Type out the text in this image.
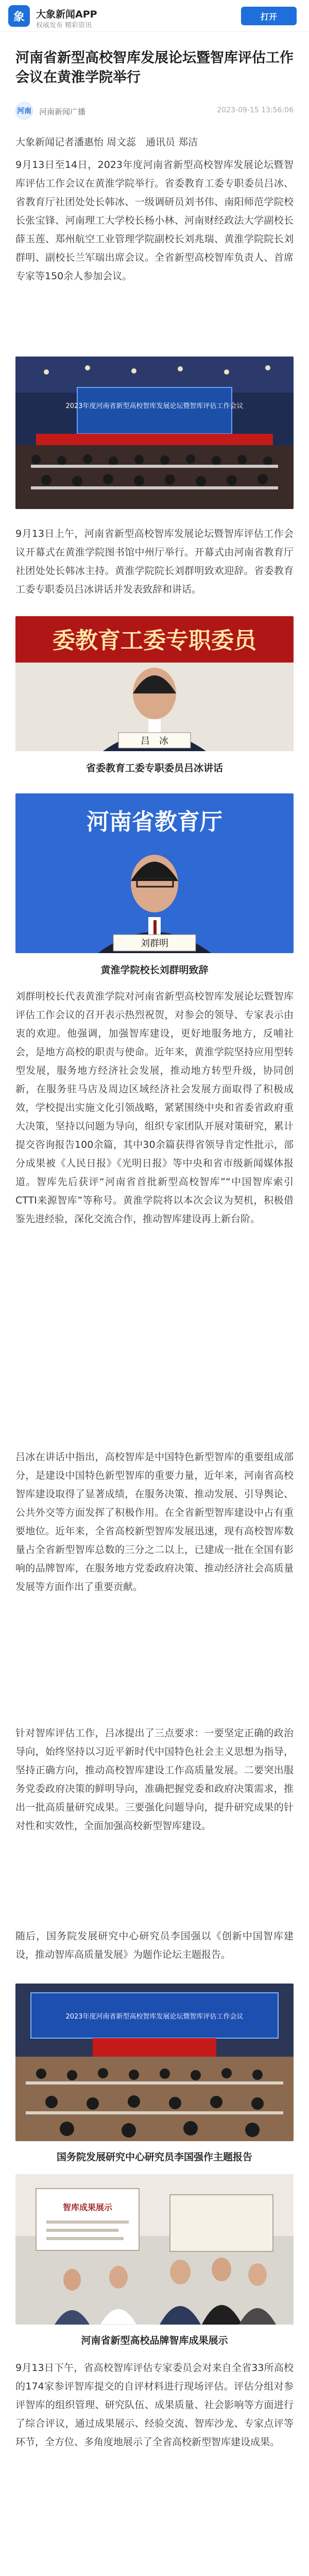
象	大象新闻APP
权威发布 精彩资讯
打开
河南省新型高校智库发展论坛暨智库评估工作会议在黄淮学院举行
河南 河南新闻广播	2023-09-15 13:56:06

大象新闻记者潘惠怡 周文蕊　通讯员 郑洁

9月13日至14日，2023年度河南省新型高校智库发展论坛暨智库评估工作会议在黄淮学院举行。省委教育工委专职委员吕冰、省教育厅社团处处长韩冰、一级调研员刘书伟、南阳师范学院校长张宝锋、河南理工大学校长杨小林、河南财经政法大学副校长薛玉莲、郑州航空工业管理学院副校长刘兆瑞、黄淮学院院长刘群明、副校长兰军瑞出席会议。全省新型高校智库负责人、首席专家等150余人参加会议。

2023年度河南省新型高校智库发展论坛暨智库评估工作会议

9月13日上午，河南省新型高校智库发展论坛暨智库评估工作会议开幕式在黄淮学院图书馆中州厅举行。开幕式由河南省教育厅社团处处长韩冰主持。黄淮学院院长刘群明致欢迎辞。省委教育工委专职委员吕冰讲话并发表致辞和讲话。

委教育工委专职委员
吕　冰

省委教育工委专职委员吕冰讲话

河南省教育厅
刘群明

黄淮学院校长刘群明致辞

刘群明校长代表黄淮学院对河南省新型高校智库发展论坛暨智库评估工作会议的召开表示热烈祝贺，对参会的领导、专家表示由衷的欢迎。他强调，加强智库建设，更好地服务地方，反哺社会，是地方高校的职责与使命。近年来，黄淮学院坚持应用型转型发展，服务地方经济社会发展，推动地方转型升级，协同创新，在服务驻马店及周边区域经济社会发展方面取得了积极成效，学校提出实施文化引领战略，紧紧围绕中央和省委省政府重大决策，坚持以问题为导向，组织专家团队开展对策研究，累计提交咨询报告100余篇，其中30余篇获得省领导肯定性批示，部分成果被《人民日报》《光明日报》等中央和省市级新闻媒体报道。智库先后获评“河南省首批新型高校智库”“中国智库索引CTTI来源智库”等称号。黄淮学院将以本次会议为契机，积极借鉴先进经验，深化交流合作，推动智库建设再上新台阶。

吕冰在讲话中指出，高校智库是中国特色新型智库的重要组成部分，是建设中国特色新型智库的重要力量，近年来，河南省高校智库建设取得了显著成绩，在服务决策、推动发展、引导舆论、公共外交等方面发挥了积极作用。在全省新型智库建设中占有重要地位。近年来，全省高校新型智库发展迅速，现有高校智库数量占全省新型智库总数的三分之二以上，已建成一批在全国有影响的品牌智库，在服务地方党委政府决策、推动经济社会高质量发展等方面作出了重要贡献。

针对智库评估工作，吕冰提出了三点要求：一要坚定正确的政治导向，始终坚持以习近平新时代中国特色社会主义思想为指导，坚持正确方向，推动高校智库建设工作高质量发展。二要突出服务党委政府决策的鲜明导向，准确把握党委和政府决策需求，推出一批高质量研究成果。三要强化问题导向，提升研究成果的针对性和实效性，全面加强高校新型智库建设。

随后，国务院发展研究中心研究员李国强以《创新中国智库建设，推动智库高质量发展》为题作论坛主题报告。

2023年度河南省新型高校智库发展论坛暨智库评估工作会议

国务院发展研究中心研究员李国强作主题报告

智库成果展示

河南省新型高校品牌智库成果展示

9月13日下午，省高校智库评估专家委员会对来自全省33所高校的174家参评智库提交的自评材料进行现场评估。评估分组对参评智库的组织管理、研究队伍、成果质量、社会影响等方面进行了综合评议，通过成果展示、经验交流、智库沙龙、专家点评等环节，全方位、多角度地展示了全省高校新型智库建设成果。
